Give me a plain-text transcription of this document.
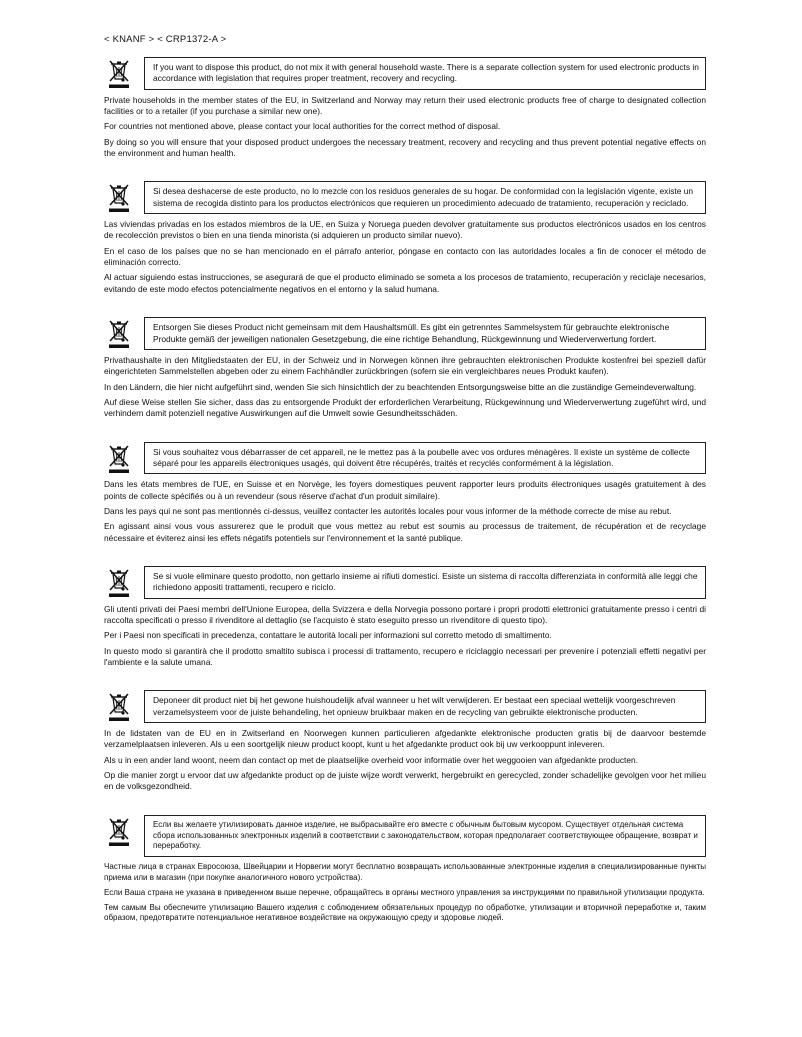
< KNANF > < CRP1372-A >
If you want to dispose this product, do not mix it with general household waste. There is a separate collection system for used electronic products in accordance with legislation that requires proper treatment, recovery and recycling.

Private households in the member states of the EU, in Switzerland and Norway may return their used electronic products free of charge to designated collection facilities or to a retailer (if you purchase a similar new one).

For countries not mentioned above, please contact your local authorities for the correct method of disposal.

By doing so you will ensure that your disposed product undergoes the necessary treatment, recovery and recycling and thus prevent potential negative effects on the environment and human health.

Si desea deshacerse de este producto, no lo mezcle con los residuos generales de su hogar. De conformidad con la legislación vigente, existe un sistema de recogida distinto para los productos electrónicos que requieren un procedimiento adecuado de tratamiento, recuperación y reciclado.

Las viviendas privadas en los estados miembros de la UE, en Suiza y Noruega pueden devolver gratuitamente sus productos electrónicos usados en los centros de recolección previstos o bien en una tienda minorista (si adquieren un producto similar nuevo).

En el caso de los países que no se han mencionado en el párrafo anterior, póngase en contacto con las autoridades locales a fin de conocer el método de eliminación correcto.

Al actuar siguiendo estas instrucciones, se asegurará de que el producto eliminado se someta a los procesos de tratamiento, recuperación y reciclaje necesarios, evitando de este modo efectos potencialmente negativos en el entorno y la salud humana.

Entsorgen Sie dieses Product nicht gemeinsam mit dem Haushaltsmüll. Es gibt ein getrenntes Sammelsystem für gebrauchte elektronische Produkte gemäß der jeweiligen nationalen Gesetzgebung, die eine richtige Behandlung, Rückgewinnung und Wiederverwertung fordert.

Privathaushalte in den Mitgliedstaaten der EU, in der Schweiz und in Norwegen können ihre gebrauchten elektronischen Produkte kostenfrei bei speziell dafür eingerichteten Sammelstellen abgeben oder zu einem Fachhändler zurückbringen (sofern sie ein vergleichbares neues Produkt kaufen).

In den Ländern, die hier nicht aufgeführt sind, wenden Sie sich hinsichtlich der zu beachtenden Entsorgungsweise bitte an die zuständige Gemeindeverwaltung.

Auf diese Weise stellen Sie sicher, dass das zu entsorgende Produkt der erforderlichen Verarbeitung, Rückgewinnung und Wiederverwertung zugeführt wird, und verhindern damit potenziell negative Auswirkungen auf die Umwelt sowie Gesundheitsschäden.

Si vous souhaitez vous débarrasser de cet appareil, ne le mettez pas à la poubelle avec vos ordures ménagères. Il existe un système de collecte séparé pour les appareils électroniques usagés, qui doivent être récupérés, traités et recyclés conformément à la législation.

Dans les états membres de l'UE, en Suisse et en Norvège, les foyers domestiques peuvent rapporter leurs produits électroniques usagés gratuitement à des points de collecte spécifiés ou à un revendeur (sous réserve d'achat d'un produit similaire).

Dans les pays qui ne sont pas mentionnés ci-dessus, veuillez contacter les autorités locales pour vous informer de la méthode correcte de mise au rebut.

En agissant ainsi vous vous assurerez que le produit que vous mettez au rebut est soumis au processus de traitement, de récupération et de recyclage nécessaire et éviterez ainsi les effets négatifs potentiels sur l'environnement et la santé publique.

Se si vuole eliminare questo prodotto, non gettarlo insieme ai rifiuti domestici. Esiste un sistema di raccolta differenziata in conformità alle leggi che richiedono appositi trattamenti, recupero e riciclo.

Gli utenti privati dei Paesi membri dell'Unione Europea, della Svizzera e della Norvegia possono portare i propri prodotti elettronici gratuitamente presso i centri di raccolta specificati o presso il rivenditore al dettaglio (se l'acquisto è stato eseguito presso un rivenditore di questo tipo).

Per i Paesi non specificati in precedenza, contattare le autorità locali per informazioni sul corretto metodo di smaltimento.

In questo modo si garantirà che il prodotto smaltito subisca i processi di trattamento, recupero e riciclaggio necessari per prevenire i potenziali effetti negativi per l'ambiente e la salute umana.

Deponeer dit product niet bij het gewone huishoudelijk afval wanneer u het wilt verwijderen. Er bestaat een speciaal wettelijk voorgeschreven verzamelsysteem voor de juiste behandeling, het opnieuw bruikbaar maken en de recycling van gebruikte elektronische producten.

In de lidstaten van de EU en in Zwitserland en Noorwegen kunnen particulieren afgedankte elektronische producten gratis bij de daarvoor bestemde verzamelplaatsen inleveren. Als u een soortgelijk nieuw product koopt, kunt u het afgedankte product ook bij uw verkooppunt inleveren.

Als u in een ander land woont, neem dan contact op met de plaatselijke overheid voor informatie over het weggooien van afgedankte producten.

Op die manier zorgt u ervoor dat uw afgedankte product op de juiste wijze wordt verwerkt, hergebruikt en gerecycled, zonder schadelijke gevolgen voor het milieu en de volksgezondheid.

Если вы желаете утилизировать данное изделие, не выбрасывайте его вместе с обычным бытовым мусором. Существует отдельная система сбора использованных электронных изделий в соответствии с законодательством, которая предполагает соответствующее обращение, возврат и переработку.

Частные лица в странах Евросоюза, Швейцарии и Норвегии могут бесплатно возвращать использованные электронные изделия в специализированные пункты приема или в магазин (при покупке аналогичного нового устройства).

Если Ваша страна не указана в приведенном выше перечне, обращайтесь в органы местного управления за инструкциями по правильной утилизации продукта.

Тем самым Вы обеспечите утилизацию Вашего изделия с соблюдением обязательных процедур по обработке, утилизации и вторичной переработке и, таким образом, предотвратите потенциальное негативное воздействие на окружающую среду и здоровье людей.
